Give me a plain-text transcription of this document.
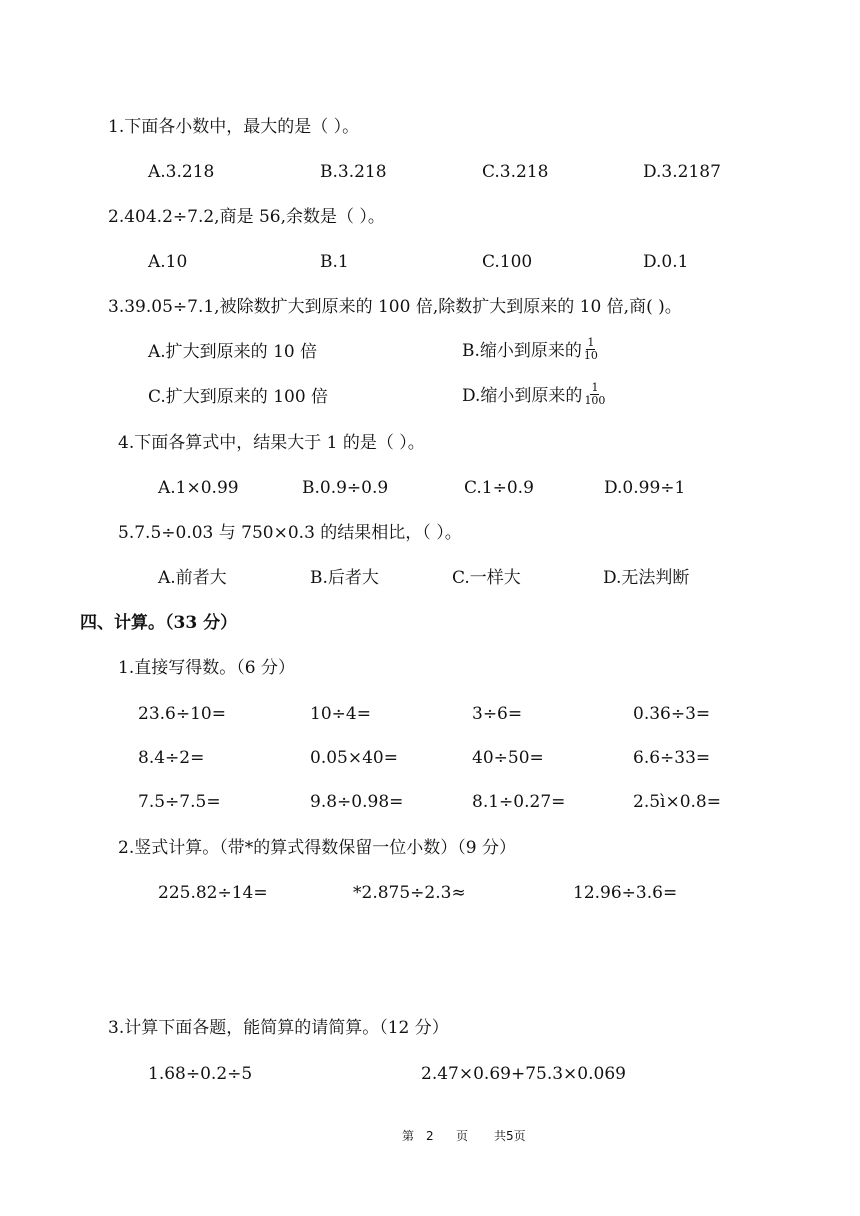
1.下面各小数中，最大的是（ ）。
A.3.218	B.3.218	C.3.218	D.3.2187
2.404.2÷7.2,商是 56,余数是（ ）。
A.10	B.1	C.100	D.0.1
3.39.05÷7.1,被除数扩大到原来的 100 倍,除数扩大到原来的 10 倍,商( )。
A.扩大到原来的 10 倍	B.缩小到原来的 $\frac{1}{10}$
C.扩大到原来的 100 倍	D.缩小到原来的 $\frac{1}{100}$
4.下面各算式中，结果大于 1 的是（ ）。
A.1×0.99	B.0.9÷0.9	C.1÷0.9	D.0.99÷1
5.7.5÷0.03 与 750×0.3 的结果相比，（ ）。
A.前者大	B.后者大	C.一样大	D.无法判断
四、计算。（33 分）
1.直接写得数。（6 分）
23.6÷10=	10÷4=	3÷6=	0.36÷3=
8.4÷2=	0.05×40=	40÷50=	6.6÷33=
7.5÷7.5=	9.8÷0.98=	8.1÷0.27=	2.5ì×0.8=
2.竖式计算。（带*的算式得数保留一位小数）（9 分）
225.82÷14=	*2.875÷2.3≈	12.96÷3.6=
3.计算下面各题，能简算的请简算。（12 分）
1.68÷0.2÷5	2.47×0.69+75.3×0.069
第 2 页 共5页
